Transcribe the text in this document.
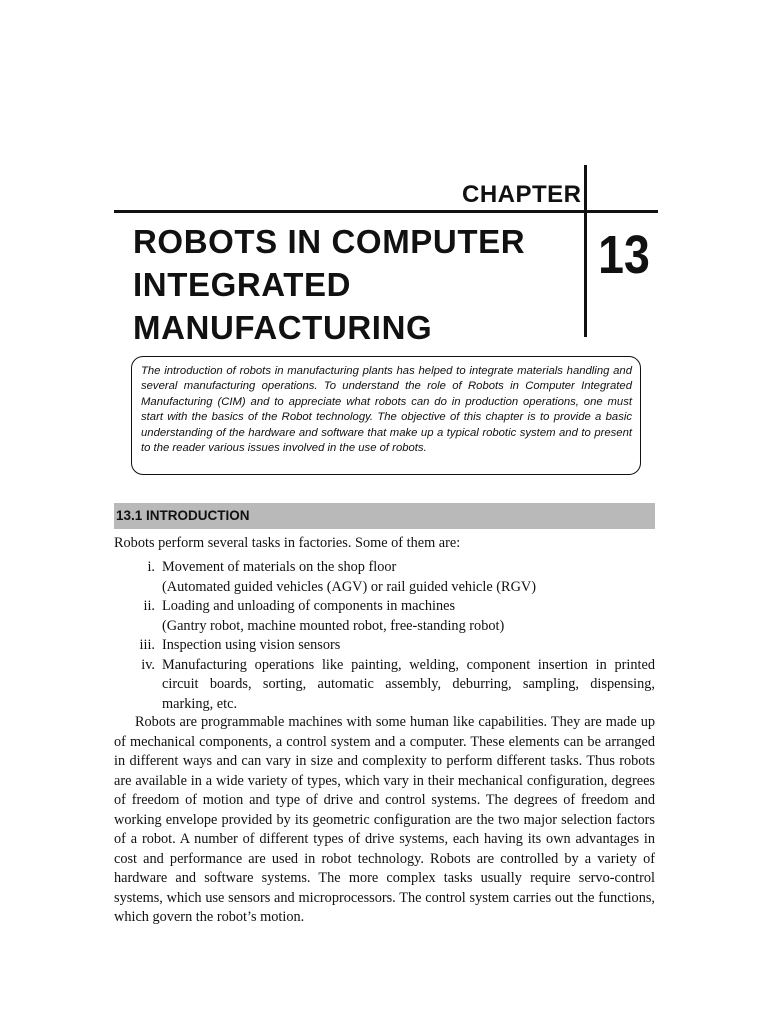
CHAPTER
13
ROBOTS IN COMPUTER
INTEGRATED
MANUFACTURING

The introduction of robots in manufacturing plants has helped to integrate materials handling and several manufacturing operations. To understand the role of Robots in Computer Integrated Manufacturing (CIM) and to appreciate what robots can do in production operations, one must start with the basics of the Robot technology. The objective of this chapter is to provide a basic understanding of the hardware and software that make up a typical robotic system and to present to the reader various issues involved in the use of robots.

13.1 INTRODUCTION
Robots perform several tasks in factories. Some of them are:
i. Movement of materials on the shop floor
(Automated guided vehicles (AGV) or rail guided vehicle (RGV)
ii. Loading and unloading of components in machines
(Gantry robot, machine mounted robot, free-standing robot)
iii. Inspection using vision sensors
iv. Manufacturing operations like painting, welding, component insertion in printed circuit boards, sorting, automatic assembly, deburring, sampling, dispensing, marking, etc.

Robots are programmable machines with some human like capabilities. They are made up of mechanical components, a control system and a computer. These elements can be arranged in different ways and can vary in size and complexity to perform different tasks. Thus robots are available in a wide variety of types, which vary in their mechanical configuration, degrees of freedom of motion and type of drive and control systems. The degrees of freedom and working envelope provided by its geometric configuration are the two major selection factors of a robot. A number of different types of drive systems, each having its own advantages in cost and performance are used in robot technology. Robots are controlled by a variety of hardware and software systems. The more complex tasks usually require servo-control systems, which use sensors and microprocessors. The control system carries out the functions, which govern the robot’s motion.
